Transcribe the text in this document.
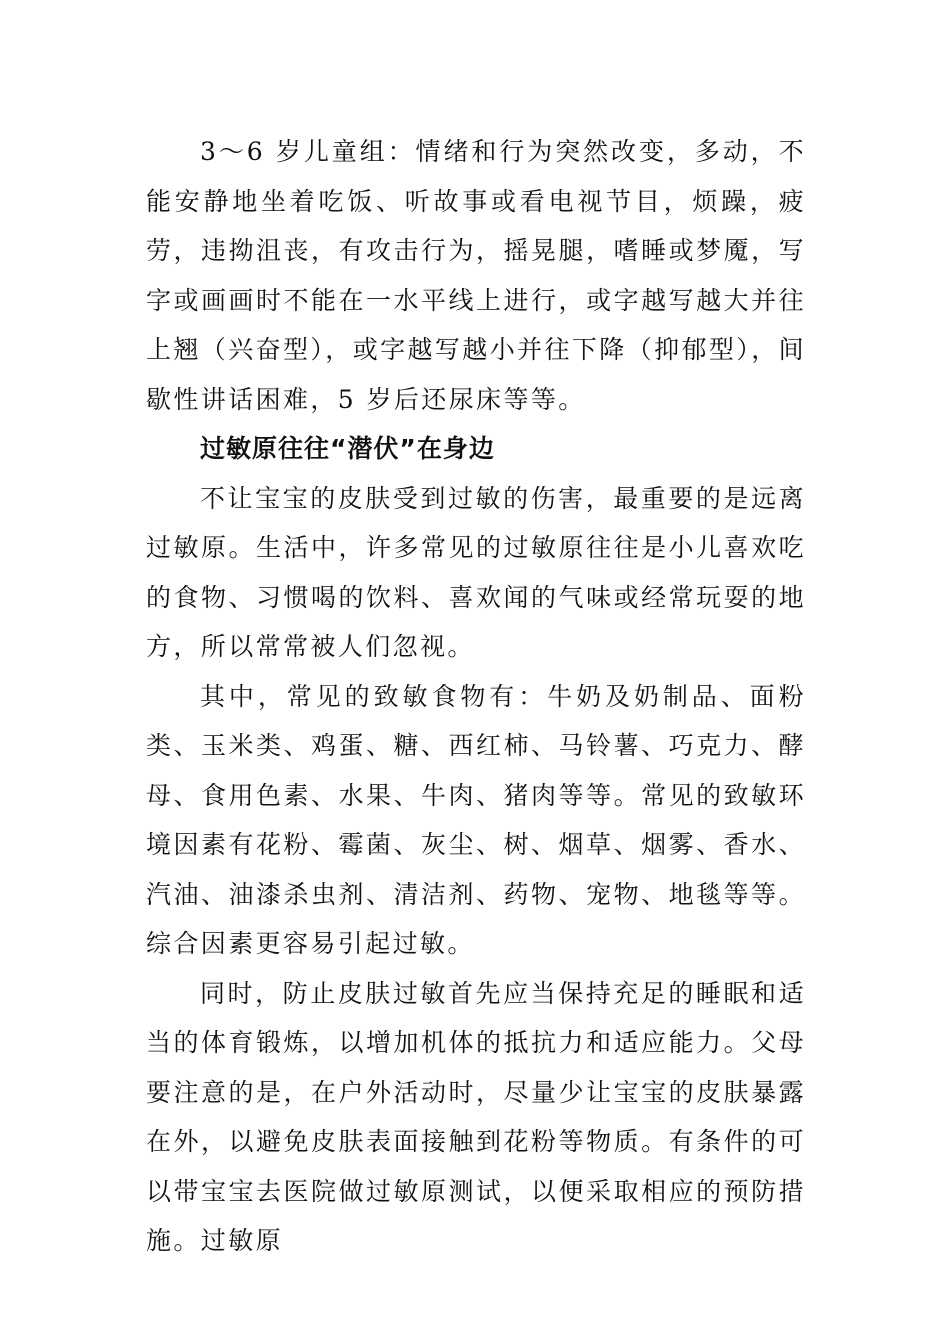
3～6 岁儿童组：情绪和行为突然改变，多动，不能安静地坐着吃饭、听故事或看电视节目，烦躁，疲劳，违拗沮丧，有攻击行为，摇晃腿，嗜睡或梦魇，写字或画画时不能在一水平线上进行，或字越写越大并往上翘（兴奋型），或字越写越小并往下降（抑郁型），间歇性讲话困难，5 岁后还尿床等等。

过敏原往往“潜伏”在身边

不让宝宝的皮肤受到过敏的伤害，最重要的是远离过敏原。生活中，许多常见的过敏原往往是小儿喜欢吃的食物、习惯喝的饮料、喜欢闻的气味或经常玩耍的地方，所以常常被人们忽视。

其中，常见的致敏食物有：牛奶及奶制品、面粉类、玉米类、鸡蛋、糖、西红柿、马铃薯、巧克力、酵母、食用色素、水果、牛肉、猪肉等等。常见的致敏环境因素有花粉、霉菌、灰尘、树、烟草、烟雾、香水、汽油、油漆杀虫剂、清洁剂、药物、宠物、地毯等等。综合因素更容易引起过敏。

同时，防止皮肤过敏首先应当保持充足的睡眠和适当的体育锻炼，以增加机体的抵抗力和适应能力。父母要注意的是，在户外活动时，尽量少让宝宝的皮肤暴露在外，以避免皮肤表面接触到花粉等物质。有条件的可以带宝宝去医院做过敏原测试，以便采取相应的预防措施。过敏原
